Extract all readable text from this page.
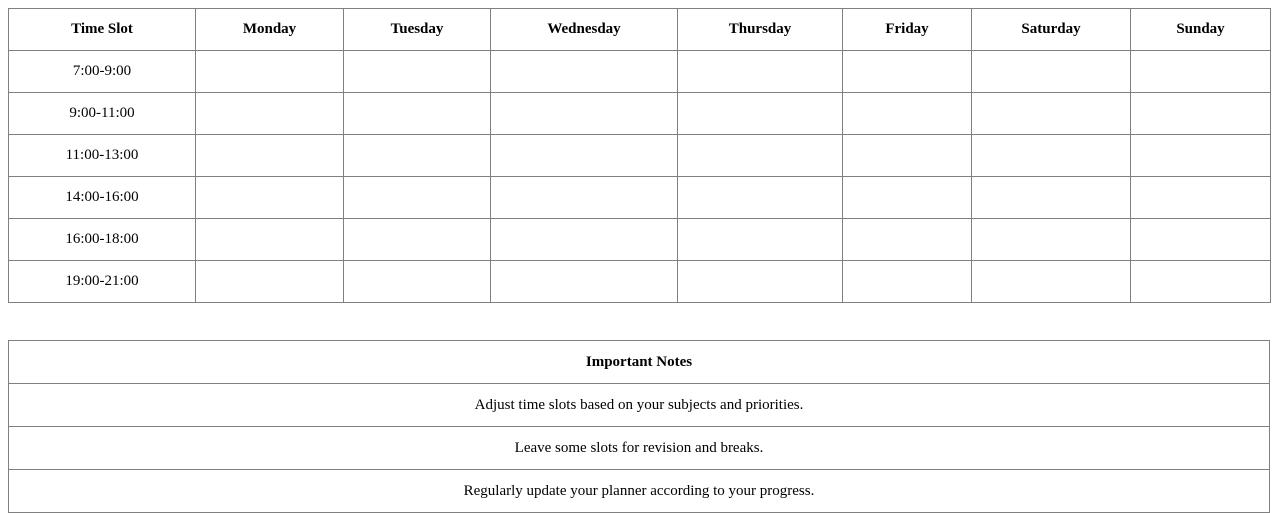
Time Slot	Monday	Tuesday	Wednesday	Thursday	Friday	Saturday	Sunday
7:00-9:00							
9:00-11:00							
11:00-13:00							
14:00-16:00							
16:00-18:00							
19:00-21:00							
Important Notes
Adjust time slots based on your subjects and priorities.
Leave some slots for revision and breaks.
Regularly update your planner according to your progress.
